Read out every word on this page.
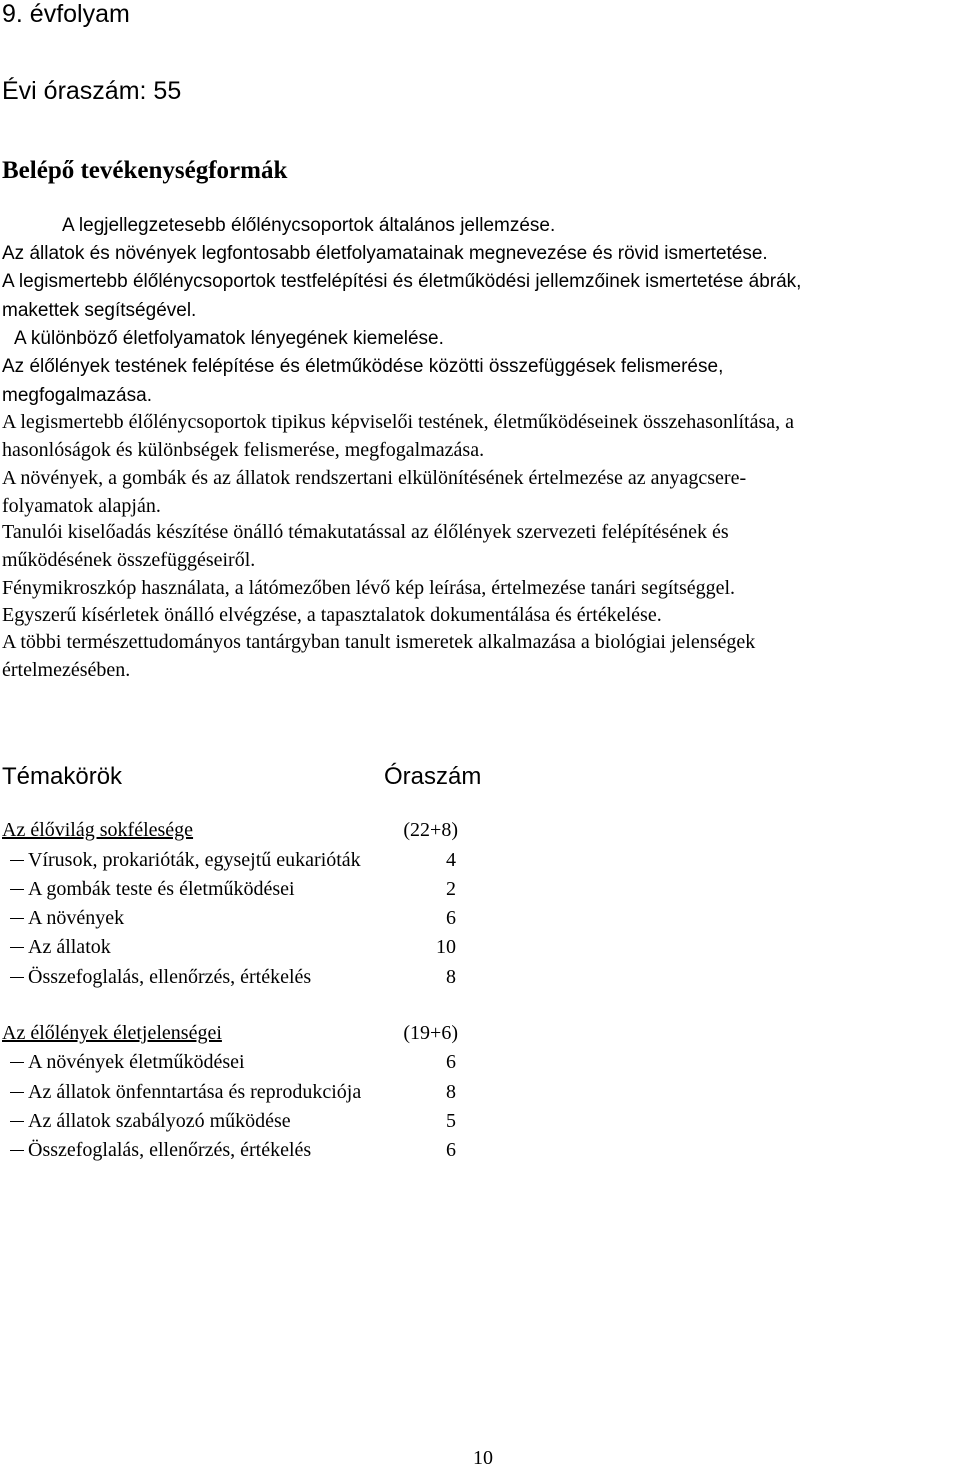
9. évfolyam
Évi óraszám: 55
Belépő tevékenységformák
A legjellegzetesebb élőlénycsoportok általános jellemzése.
Az állatok és növények legfontosabb életfolyamatainak megnevezése és rövid ismertetése.
A legismertebb élőlénycsoportok testfelépítési és életműködési jellemzőinek ismertetése ábrák,
makettek segítségével.
A különböző életfolyamatok lényegének kiemelése.
Az élőlények testének felépítése és életműködése közötti összefüggések felismerése,
megfogalmazása.
A legismertebb élőlénycsoportok tipikus képviselői testének, életműködéseinek összehasonlítása, a
hasonlóságok és különbségek felismerése, megfogalmazása.
A növények, a gombák és az állatok rendszertani elkülönítésének értelmezése az anyagcsere-
folyamatok alapján.
Tanulói kiselőadás készítése önálló témakutatással az élőlények szervezeti felépítésének és
működésének összefüggéseiről.
Fénymikroszkóp használata, a látómezőben lévő kép leírása, értelmezése tanári segítséggel.
Egyszerű kísérletek önálló elvégzése, a tapasztalatok dokumentálása és értékelése.
A többi természettudományos tantárgyban tanult ismeretek alkalmazása a biológiai jelenségek
értelmezésében.
Témakörök	Óraszám
Az élővilág sokfélesége	(22+8)
Vírusok, prokarióták, egysejtű eukarióták	4
A gombák teste és életműködései	2
A növények	6
Az állatok	10
Összefoglalás, ellenőrzés, értékelés	8
Az élőlények életjelenségei	(19+6)
A növények életműködései	6
Az állatok önfenntartása és reprodukciója	8
Az állatok szabályozó működése	5
Összefoglalás, ellenőrzés, értékelés	6
10
